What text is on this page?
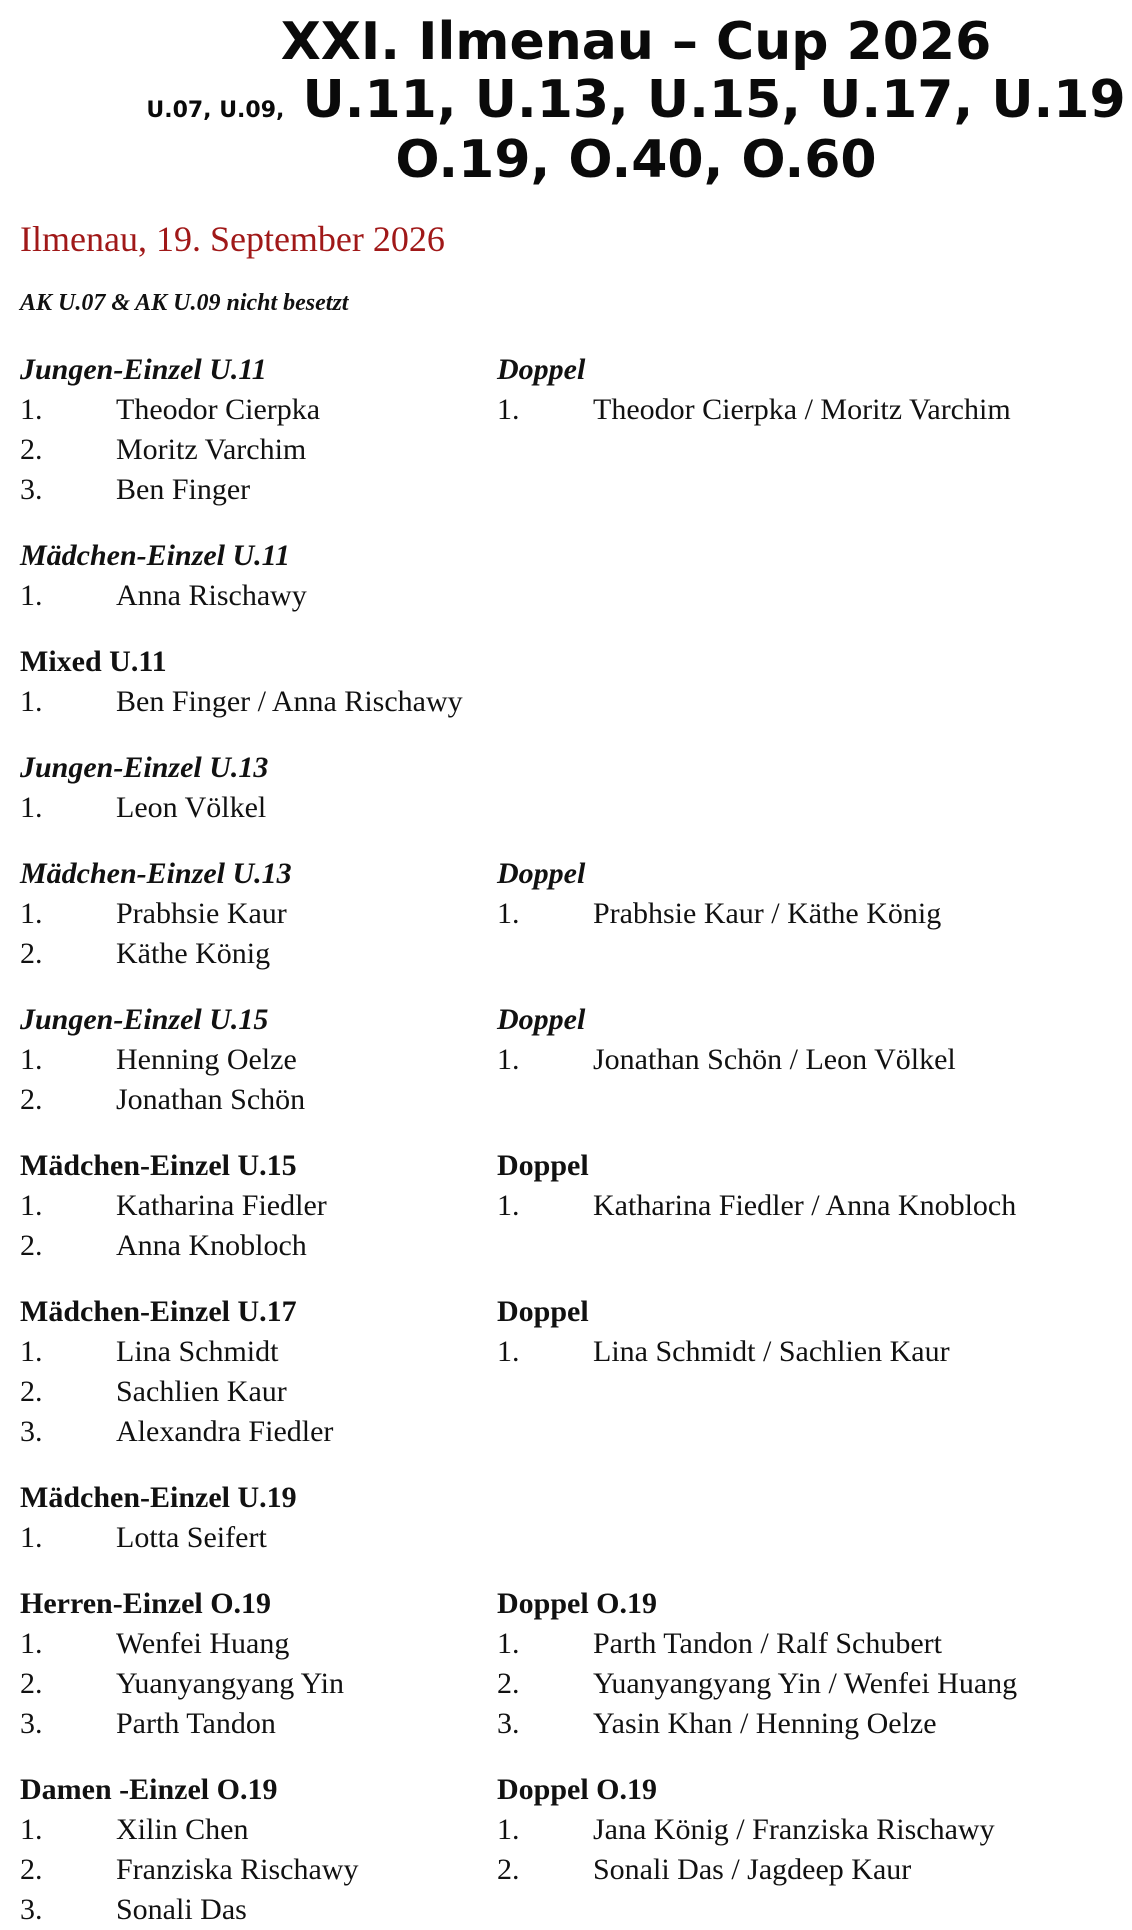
XXI. Ilmenau – Cup 2026
U.07, U.09, U.11, U.13, U.15, U.17, U.19
O.19, O.40, O.60
Ilmenau, 19. September 2026
AK U.07 & AK U.09 nicht besetzt
Jungen-Einzel U.11
1. Theodor Cierpka
2. Moritz Varchim
3. Ben Finger
Doppel
1. Theodor Cierpka / Moritz Varchim
Mädchen-Einzel U.11
1. Anna Rischawy
Mixed U.11
1. Ben Finger / Anna Rischawy
Jungen-Einzel U.13
1. Leon Völkel
Mädchen-Einzel U.13
1. Prabhsie Kaur
2. Käthe König
Doppel
1. Prabhsie Kaur / Käthe König
Jungen-Einzel U.15
1. Henning Oelze
2. Jonathan Schön
Doppel
1. Jonathan Schön / Leon Völkel
Mädchen-Einzel U.15
1. Katharina Fiedler
2. Anna Knobloch
Doppel
1. Katharina Fiedler / Anna Knobloch
Mädchen-Einzel U.17
1. Lina Schmidt
2. Sachlien Kaur
3. Alexandra Fiedler
Doppel
1. Lina Schmidt / Sachlien Kaur
Mädchen-Einzel U.19
1. Lotta Seifert
Herren-Einzel O.19
1. Wenfei Huang
2. Yuanyangyang Yin
3. Parth Tandon
Doppel O.19
1. Parth Tandon / Ralf Schubert
2. Yuanyangyang Yin / Wenfei Huang
3. Yasin Khan / Henning Oelze
Damen -Einzel O.19
1. Xilin Chen
2. Franziska Rischawy
3. Sonali Das
Doppel O.19
1. Jana König / Franziska Rischawy
2. Sonali Das / Jagdeep Kaur
